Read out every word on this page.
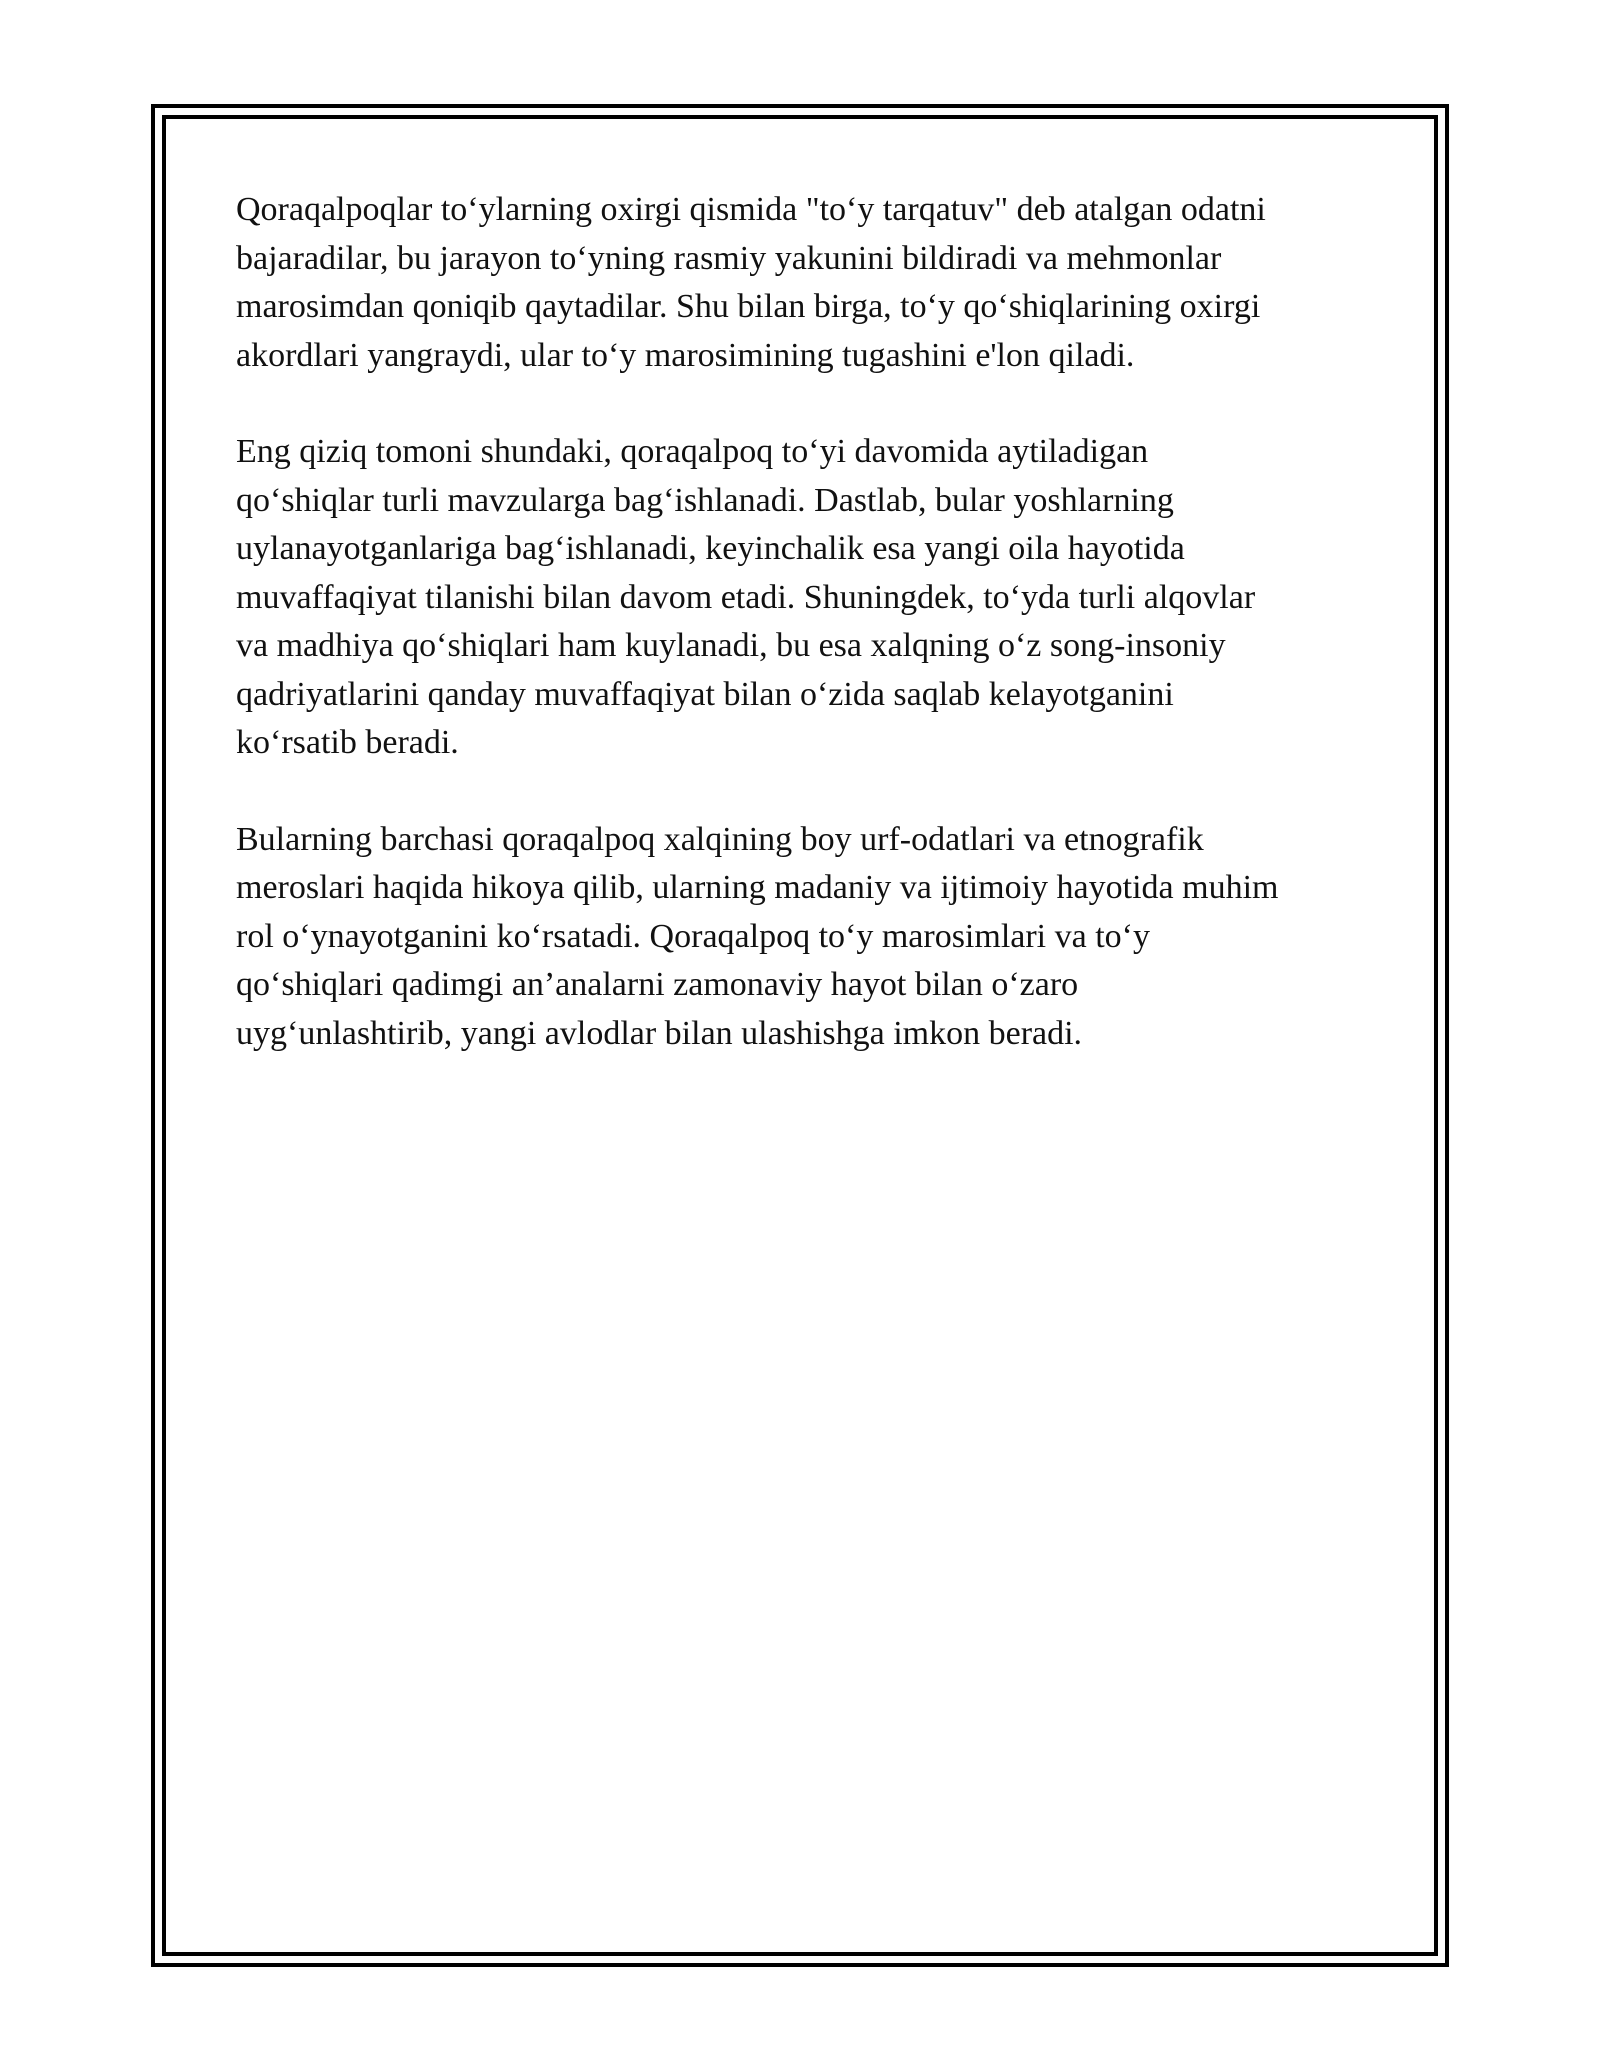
Qoraqalpoqlar to‘ylarning oxirgi qismida "to‘y tarqatuv" deb atalgan odatni
bajaradilar, bu jarayon to‘yning rasmiy yakunini bildiradi va mehmonlar
marosimdan qoniqib qaytadilar. Shu bilan birga, to‘y qo‘shiqlarining oxirgi
akordlari yangraydi, ular to‘y marosimining tugashini e'lon qiladi.

Eng qiziq tomoni shundaki, qoraqalpoq to‘yi davomida aytiladigan
qo‘shiqlar turli mavzularga bag‘ishlanadi. Dastlab, bular yoshlarning
uylanayotganlariga bag‘ishlanadi, keyinchalik esa yangi oila hayotida
muvaffaqiyat tilanishi bilan davom etadi. Shuningdek, to‘yda turli alqovlar
va madhiya qo‘shiqlari ham kuylanadi, bu esa xalqning o‘z song-insoniy
qadriyatlarini qanday muvaffaqiyat bilan o‘zida saqlab kelayotganini
ko‘rsatib beradi.

Bularning barchasi qoraqalpoq xalqining boy urf-odatlari va etnografik
meroslari haqida hikoya qilib, ularning madaniy va ijtimoiy hayotida muhim
rol o‘ynayotganini ko‘rsatadi. Qoraqalpoq to‘y marosimlari va to‘y
qo‘shiqlari qadimgi an’analarni zamonaviy hayot bilan o‘zaro
uyg‘unlashtirib, yangi avlodlar bilan ulashishga imkon beradi.
